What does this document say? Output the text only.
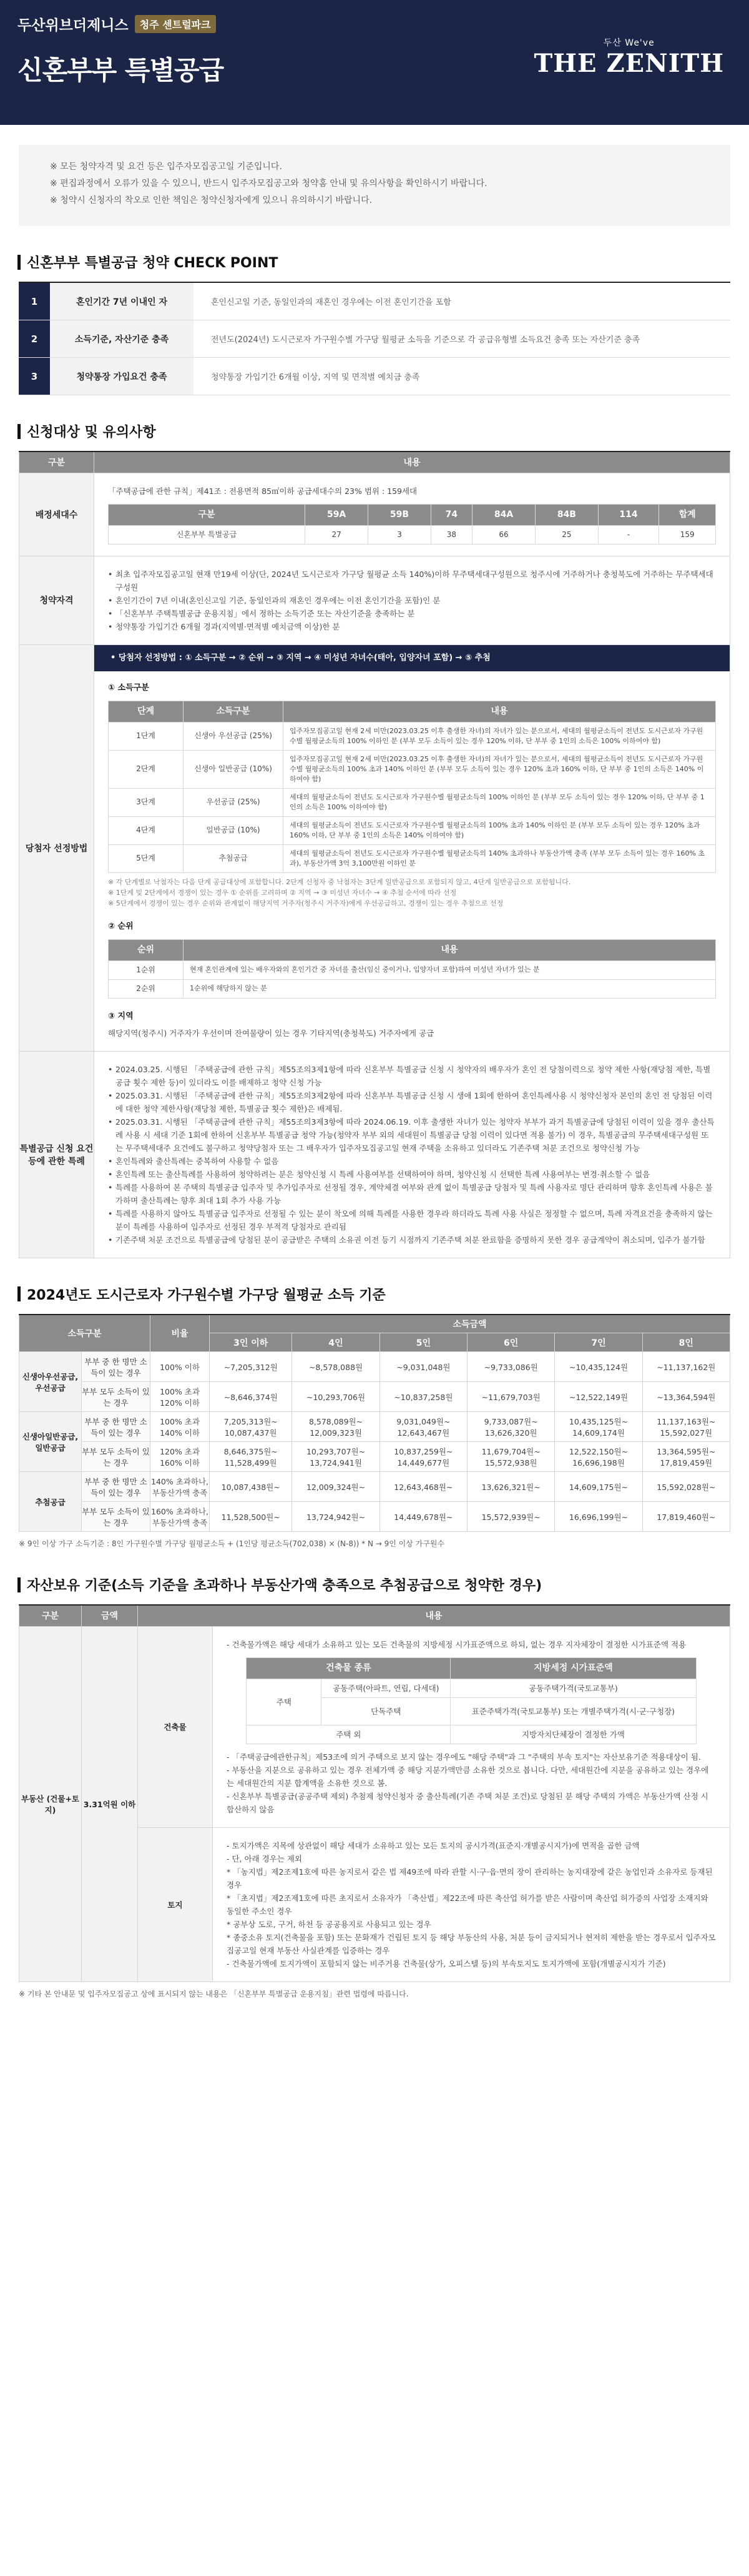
두산위브더제니스	청주 센트럴파크
신혼부부 특별공급
두산 We've
THE ZENITH

※ 모든 청약자격 및 요건 등은 입주자모집공고일 기준입니다.

※ 편집과정에서 오류가 있을 수 있으니, 반드시 입주자모집공고와 청약홈 안내 및 유의사항을 확인하시기 바랍니다.

※ 청약시 신청자의 착오로 인한 책임은 청약신청자에게 있으니 유의하시기 바랍니다.

신혼부부 특별공급 청약 CHECK POINT
1	혼인기간 7년 이내인 자	혼인신고일 기준, 동일인과의 재혼인 경우에는 이전 혼인기간을 포함
2	소득기준, 자산기준 충족	전년도(2024년) 도시근로자 가구원수별 가구당 월평균 소득을 기준으로 각 공급유형별 소득요건 충족 또는 자산기준 충족
3	청약통장 가입요건 충족	청약통장 가입기간 6개월 이상, 지역 및 면적별 예치금 충족
신청대상 및 유의사항
구분	내용
배정세대수	
「주택공급에 관한 규칙」제41조 : 전용면적 85㎡이하 공급세대수의 23% 범위 : 159세대
구분	59A	59B	74	84A	84B	114	합계
신혼부부 특별공급	27	3	38	66	25	-	159

청약자격	
• 최초 입주자모집공고일 현재 만19세 이상(단, 2024년 도시근로자 가구당 월평균 소득 140%)이하 무주택세대구성원으로 청주시에 거주하거나 충청북도에 거주하는 무주택세대구성원
• 혼인기간이 7년 이내(혼인신고일 기준, 동일인과의 재혼인 경우에는 이전 혼인기간을 포함)인 분
• 「신혼부부 주택특별공급 운용지침」에서 정하는 소득기준 또는 자산기준을 충족하는 분
• 청약통장 가입기간 6개월 경과(지역별·면적별 예치금액 이상)한 분

당첨자 선정방법	
• 당첨자 선정방법 : ① 소득구분 → ② 순위 → ③ 지역 → ④ 미성년 자녀수(태아, 입양자녀 포함) → ⑤ 추첨
① 소득구분
단계	소득구분	내용
1단계	신생아 우선공급 (25%)	입주자모집공고일 현재 2세 미만(2023.03.25 이후 출생한 자녀)의 자녀가 있는 분으로서, 세대의 월평균소득이 전년도 도시근로자 가구원수별 월평균소득의 100% 이하인 분 (부부 모두 소득이 있는 경우 120% 이하, 단 부부 중 1인의 소득은 100% 이하여야 함)
2단계	신생아 일반공급 (10%)	입주자모집공고일 현재 2세 미만(2023.03.25 이후 출생한 자녀)의 자녀가 있는 분으로서, 세대의 월평균소득이 전년도 도시근로자 가구원수별 월평균소득의 100% 초과 140% 이하인 분 (부부 모두 소득이 있는 경우 120% 초과 160% 이하, 단 부부 중 1인의 소득은 140% 이하여야 함)
3단계	우선공급 (25%)	세대의 월평균소득이 전년도 도시근로자 가구원수별 월평균소득의 100% 이하인 분 (부부 모두 소득이 있는 경우 120% 이하, 단 부부 중 1인의 소득은 100% 이하여야 함)
4단계	일반공급 (10%)	세대의 월평균소득이 전년도 도시근로자 가구원수별 월평균소득의 100% 초과 140% 이하인 분 (부부 모두 소득이 있는 경우 120% 초과 160% 이하, 단 부부 중 1인의 소득은 140% 이하여야 함)
5단계	추첨공급	세대의 월평균소득이 전년도 도시근로자 가구원수별 월평균소득의 140% 초과하나 부동산가액 충족 (부부 모두 소득이 있는 경우 160% 초과), 부동산가액 3억 3,100만원 이하인 분
※ 각 단계별로 낙첨자는 다음 단계 공급대상에 포함합니다. 2단계 신청자 중 낙첨자는 3단계 일반공급으로 포함되지 않고, 4단계 일반공급으로 포함됩니다.
※ 1단계 및 2단계에서 경쟁이 있는 경우 ① 순위를 고려하며 ② 지역 → ③ 미성년 자녀수 → ④ 추첨 순서에 따라 선정
※ 5단계에서 경쟁이 있는 경우 순위와 관계없이 해당지역 거주자(청주시 거주자)에게 우선공급하고, 경쟁이 있는 경우 추첨으로 선정
② 순위
순위	내용
1순위	현재 혼인관계에 있는 배우자와의 혼인기간 중 자녀를 출산(임신 중이거나, 입양자녀 포함)하여 미성년 자녀가 있는 분
2순위	1순위에 해당하지 않는 분
③ 지역
해당지역(청주시) 거주자가 우선이며 잔여물량이 있는 경우 기타지역(충청북도) 거주자에게 공급

특별공급 신청 요건 등에 관한 특례	
• 2024.03.25. 시행된 「주택공급에 관한 규칙」제55조의3제1항에 따라 신혼부부 특별공급 신청 시 청약자의 배우자가 혼인 전 당첨이력으로 청약 제한 사항(재당첨 제한, 특별공급 횟수 제한 등)이 있더라도 이를 배제하고 청약 신청 가능
• 2025.03.31. 시행된 「주택공급에 관한 규칙」제55조의3제2항에 따라 신혼부부 특별공급 신청 시 생애 1회에 한하여 혼인특례사용 시 청약신청자 본인의 혼인 전 당첨된 이력에 대한 청약 제한사항(재당첨 제한, 특별공급 횟수 제한)은 배제됨.
• 2025.03.31. 시행된 「주택공급에 관한 규칙」제55조의3제3항에 따라 2024.06.19. 이후 출생한 자녀가 있는 청약자 부부가 과거 특별공급에 당첨된 이력이 있을 경우 출산특례 사용 시 세대 기준 1회에 한하여 신혼부부 특별공급 청약 가능(청약자 부부 외의 세대원이 특별공급 당첨 이력이 있다면 적용 불가) 이 경우, 특별공급의 무주택세대구성원 또는 무주택세대주 요건에도 불구하고 청약당첨자 또는 그 배우자가 입주자모집공고일 현재 주택을 소유하고 있더라도 기존주택 처분 조건으로 청약신청 가능
• 혼인특례와 출산특례는 중복하여 사용할 수 없음
• 혼인특례 또는 출산특례를 사용하여 청약하려는 분은 청약신청 시 특례 사용여부를 선택하여야 하며, 청약신청 시 선택한 특례 사용여부는 변경·취소할 수 없음
• 특례를 사용하여 본 주택의 특별공급 입주자 및 추가입주자로 선정될 경우, 계약체결 여부와 관계 없이 특별공급 당첨자 및 특례 사용자로 명단 관리하며 향후 혼인특례 사용은 불가하며 출산특례는 향후 최대 1회 추가 사용 가능
• 특례를 사용하지 않아도 특별공급 입주자로 선정될 수 있는 분이 착오에 의해 특례를 사용한 경우라 하더라도 특례 사용 사실은 정정할 수 없으며, 특례 자격요건을 충족하지 않는 분이 특례를 사용하여 입주자로 선정된 경우 부적격 당첨자로 관리됨
• 기존주택 처분 조건으로 특별공급에 당첨된 분이 공급받은 주택의 소유권 이전 등기 시점까지 기존주택 처분 완료함을 증명하지 못한 경우 공급계약이 취소되며, 입주가 불가함
2024년도 도시근로자 가구원수별 가구당 월평균 소득 기준
소득구분		비율	소득금액					
			3인 이하	4인	5인	6인	7인	8인
신생아우선공급, 우선공급	부부 중 한 명만 소득이 있는 경우	100% 이하	~7,205,312원	~8,578,088원	~9,031,048원	~9,733,086원	~10,435,124원	~11,137,162원
	부부 모두 소득이 있는 경우	100% 초과 120% 이하	~8,646,374원	~10,293,706원	~10,837,258원	~11,679,703원	~12,522,149원	~13,364,594원
신생아일반공급, 일반공급	부부 중 한 명만 소득이 있는 경우	100% 초과 140% 이하	7,205,313원~ 10,087,437원	8,578,089원~ 12,009,323원	9,031,049원~ 12,643,467원	9,733,087원~ 13,626,320원	10,435,125원~ 14,609,174원	11,137,163원~ 15,592,027원
	부부 모두 소득이 있는 경우	120% 초과 160% 이하	8,646,375원~ 11,528,499원	10,293,707원~ 13,724,941원	10,837,259원~ 14,449,677원	11,679,704원~ 15,572,938원	12,522,150원~ 16,696,198원	13,364,595원~ 17,819,459원
추첨공급	부부 중 한 명만 소득이 있는 경우	140% 초과하나, 부동산가액 충족	10,087,438원~	12,009,324원~	12,643,468원~	13,626,321원~	14,609,175원~	15,592,028원~
	부부 모두 소득이 있는 경우	160% 초과하나, 부동산가액 충족	11,528,500원~	13,724,942원~	14,449,678원~	15,572,939원~	16,696,199원~	17,819,460원~
※ 9인 이상 가구 소득기준 : 8인 가구원수별 가구당 월평균소득 + (1인당 평균소득(702,038) × (N-8)) * N → 9인 이상 가구원수
자산보유 기준(소득 기준을 초과하나 부동산가액 충족으로 추첨공급으로 청약한 경우)
구분	금액	내용
부동산 (건물+토지)	3.31억원 이하	건축물	
- 건축물가액은 해당 세대가 소유하고 있는 모든 건축물의 지방세정 시가표준액으로 하되, 없는 경우 지자체장이 결정한 시가표준액 적용
건축물 종류	지방세정 시가표준액
주택	공동주택(아파트, 연립, 다세대)	공동주택가격(국토교통부)
단독주택	표준주택가격(국토교통부) 또는 개별주택가격(시·군·구청장)
주택 외	지방자치단체장이 결정한 가액
- 「주택공급에관한규칙」제53조에 의거 주택으로 보지 않는 경우에도 "해당 주택"과 그 "주택의 부속 토지"는 자산보유기준 적용대상이 됨.
- 부동산을 지분으로 공유하고 있는 경우 전체가액 중 해당 지분가액만큼 소유한 것으로 봅니다. 다만, 세대원간에 지분을 공유하고 있는 경우에는 세대원간의 지분 합계액을 소유한 것으로 봄.
- 신혼부부 특별공급(공공주택 제외) 추첨제 청약신청자 중 출산특례(기존 주택 처분 조건)로 당첨된 분 해당 주택의 가액은 부동산가액 산정 시 합산하지 않음

토지	
- 토지가액은 지목에 상관없이 해당 세대가 소유하고 있는 모든 토지의 공시가격(표준지·개별공시지가)에 면적을 곱한 금액
- 단, 아래 경우는 제외
* 「농지법」제2조제1호에 따른 농지로서 같은 법 제49조에 따라 관할 시·구·읍·면의 장이 관리하는 농지대장에 같은 농업인과 소유자로 등재된 경우
* 「초지법」제2조제1호에 따른 초지로서 소유자가 「축산법」제22조에 따른 축산업 허가를 받은 사람이며 축산업 허가증의 사업장 소재지와 동일한 주소인 경우
* 공부상 도로, 구거, 하천 등 공공용지로 사용되고 있는 경우
* 종중소유 토지(건축물을 포함) 또는 문화재가 건립된 토지 등 해당 부동산의 사용, 처분 등이 금지되거나 현저히 제한을 받는 경우로서 입주자모집공고일 현재 부동산 사실관계를 입증하는 경우
- 건축물가액에 토지가액이 포함되지 않는 비주거용 건축물(상가, 오피스텔 등)의 부속토지도 토지가액에 포함(개별공시지가 기준)
※ 기타 본 안내문 및 입주자모집공고 상에 표시되지 않는 내용은 「신혼부부 특별공급 운용지침」관련 법령에 따릅니다.
